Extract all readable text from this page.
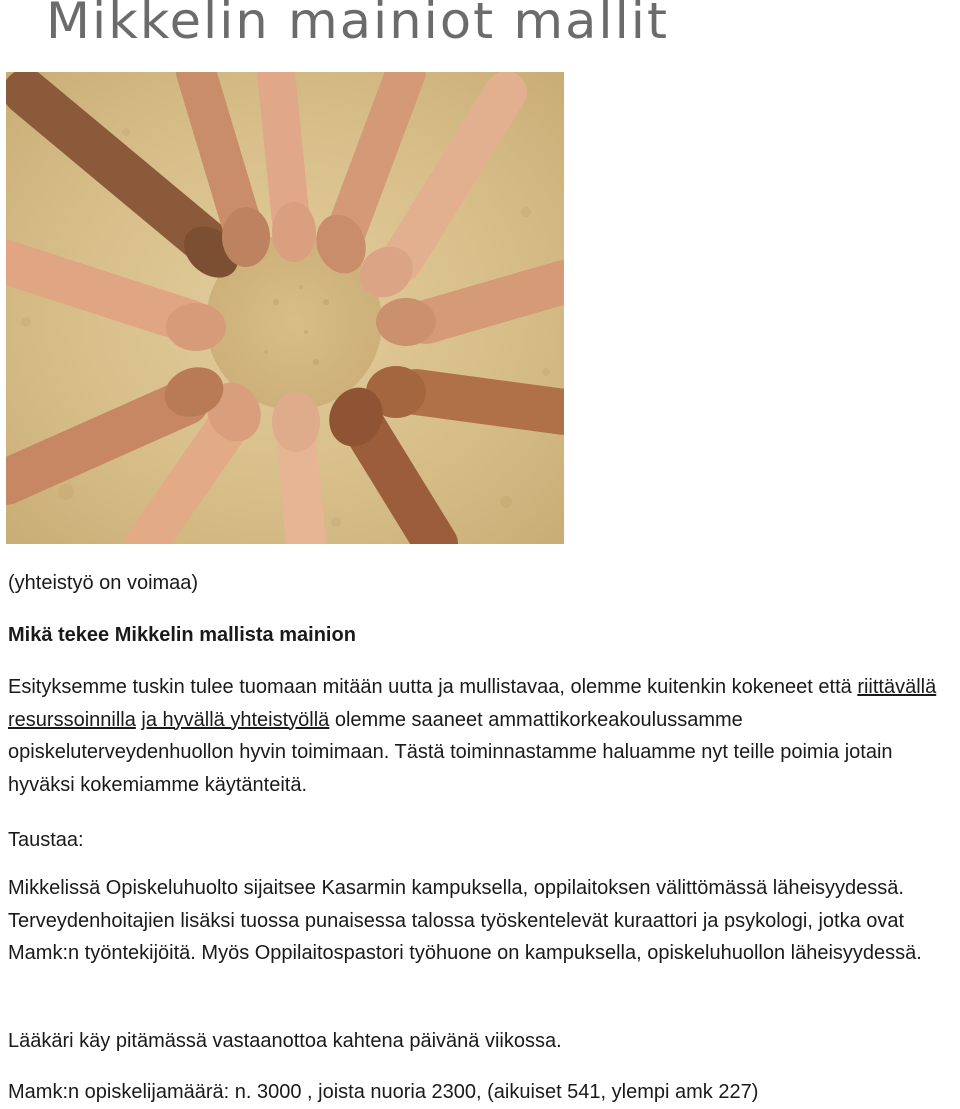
Mikkelin mainiot mallit
(yhteistyö on voimaa)
Mikä tekee Mikkelin mallista mainion

Esityksemme tuskin tulee tuomaan mitään uutta ja mullistavaa, olemme kuitenkin kokeneet että riittävällä resurssoinnilla ja hyvällä yhteistyöllä olemme saaneet ammattikorkeakoulussamme opiskeluterveydenhuollon hyvin toimimaan. Tästä toiminnastamme haluamme nyt teille poimia jotain hyväksi kokemiamme käytänteitä.

Taustaa:

Mikkelissä Opiskeluhuolto sijaitsee Kasarmin kampuksella, oppilaitoksen välittömässä läheisyydessä. Terveydenhoitajien lisäksi tuossa punaisessa talossa työskentelevät kuraattori ja psykologi, jotka ovat Mamk:n työntekijöitä. Myös Oppilaitospastori työhuone on kampuksella, opiskeluhuollon läheisyydessä.

Lääkäri käy pitämässä vastaanottoa kahtena päivänä viikossa.

Mamk:n opiskelijamäärä: n. 3000 , joista nuoria 2300, (aikuiset 541, ylempi amk 227)
